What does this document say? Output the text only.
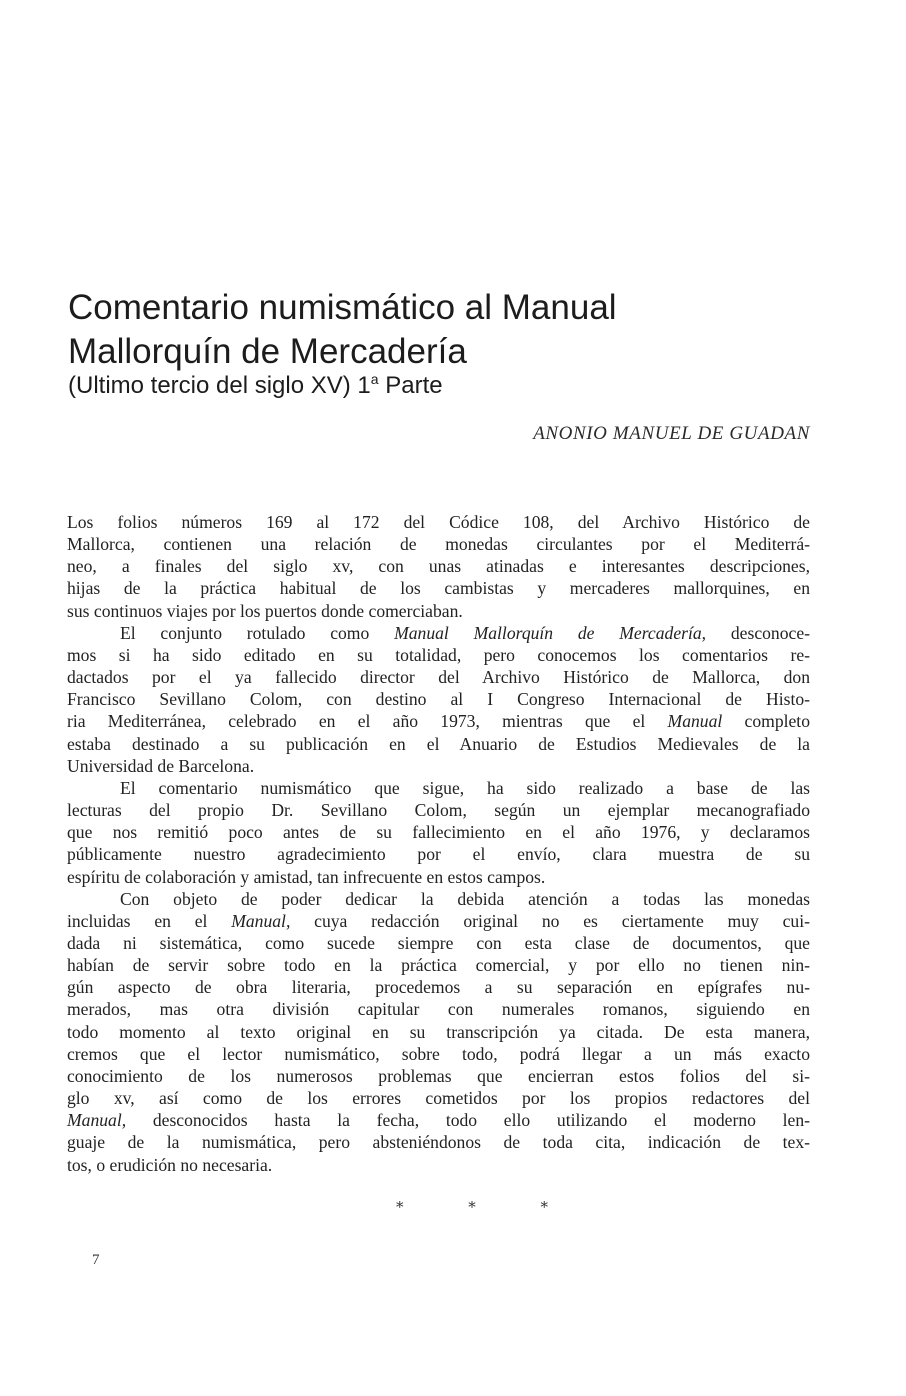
Comentario numismático al Manual
Mallorquín de Mercadería
(Ultimo tercio del siglo XV) 1$^a$ Parte
ANONIO MANUEL DE GUADAN
Los folios números 169 al 172 del Códice 108, del Archivo Histórico de
Mallorca, contienen una relación de monedas circulantes por el Mediterrá-
neo, a finales del siglo xv, con unas atinadas e interesantes descripciones,
hijas de la práctica habitual de los cambistas y mercaderes mallorquines, en
sus continuos viajes por los puertos donde comerciaban.
El conjunto rotulado como Manual Mallorquín de Mercadería, desconoce-
mos si ha sido editado en su totalidad, pero conocemos los comentarios re-
dactados por el ya fallecido director del Archivo Histórico de Mallorca, don
Francisco Sevillano Colom, con destino al I Congreso Internacional de Histo-
ria Mediterránea, celebrado en el año 1973, mientras que el Manual completo
estaba destinado a su publicación en el Anuario de Estudios Medievales de la
Universidad de Barcelona.
El comentario numismático que sigue, ha sido realizado a base de las
lecturas del propio Dr. Sevillano Colom, según un ejemplar mecanografiado
que nos remitió poco antes de su fallecimiento en el año 1976, y declaramos
públicamente nuestro agradecimiento por el envío, clara muestra de su
espíritu de colaboración y amistad, tan infrecuente en estos campos.
Con objeto de poder dedicar la debida atención a todas las monedas
incluidas en el Manual, cuya redacción original no es ciertamente muy cui-
dada ni sistemática, como sucede siempre con esta clase de documentos, que
habían de servir sobre todo en la práctica comercial, y por ello no tienen nin-
gún aspecto de obra literaria, procedemos a su separación en epígrafes nu-
merados, mas otra división capitular con numerales romanos, siguiendo en
todo momento al texto original en su transcripción ya citada. De esta manera,
cremos que el lector numismático, sobre todo, podrá llegar a un más exacto
conocimiento de los numerosos problemas que encierran estos folios del si-
glo xv, así como de los errores cometidos por los propios redactores del
Manual, desconocidos hasta la fecha, todo ello utilizando el moderno len-
guaje de la numismática, pero absteniéndonos de toda cita, indicación de tex-
tos, o erudición no necesaria.
* * *
7
